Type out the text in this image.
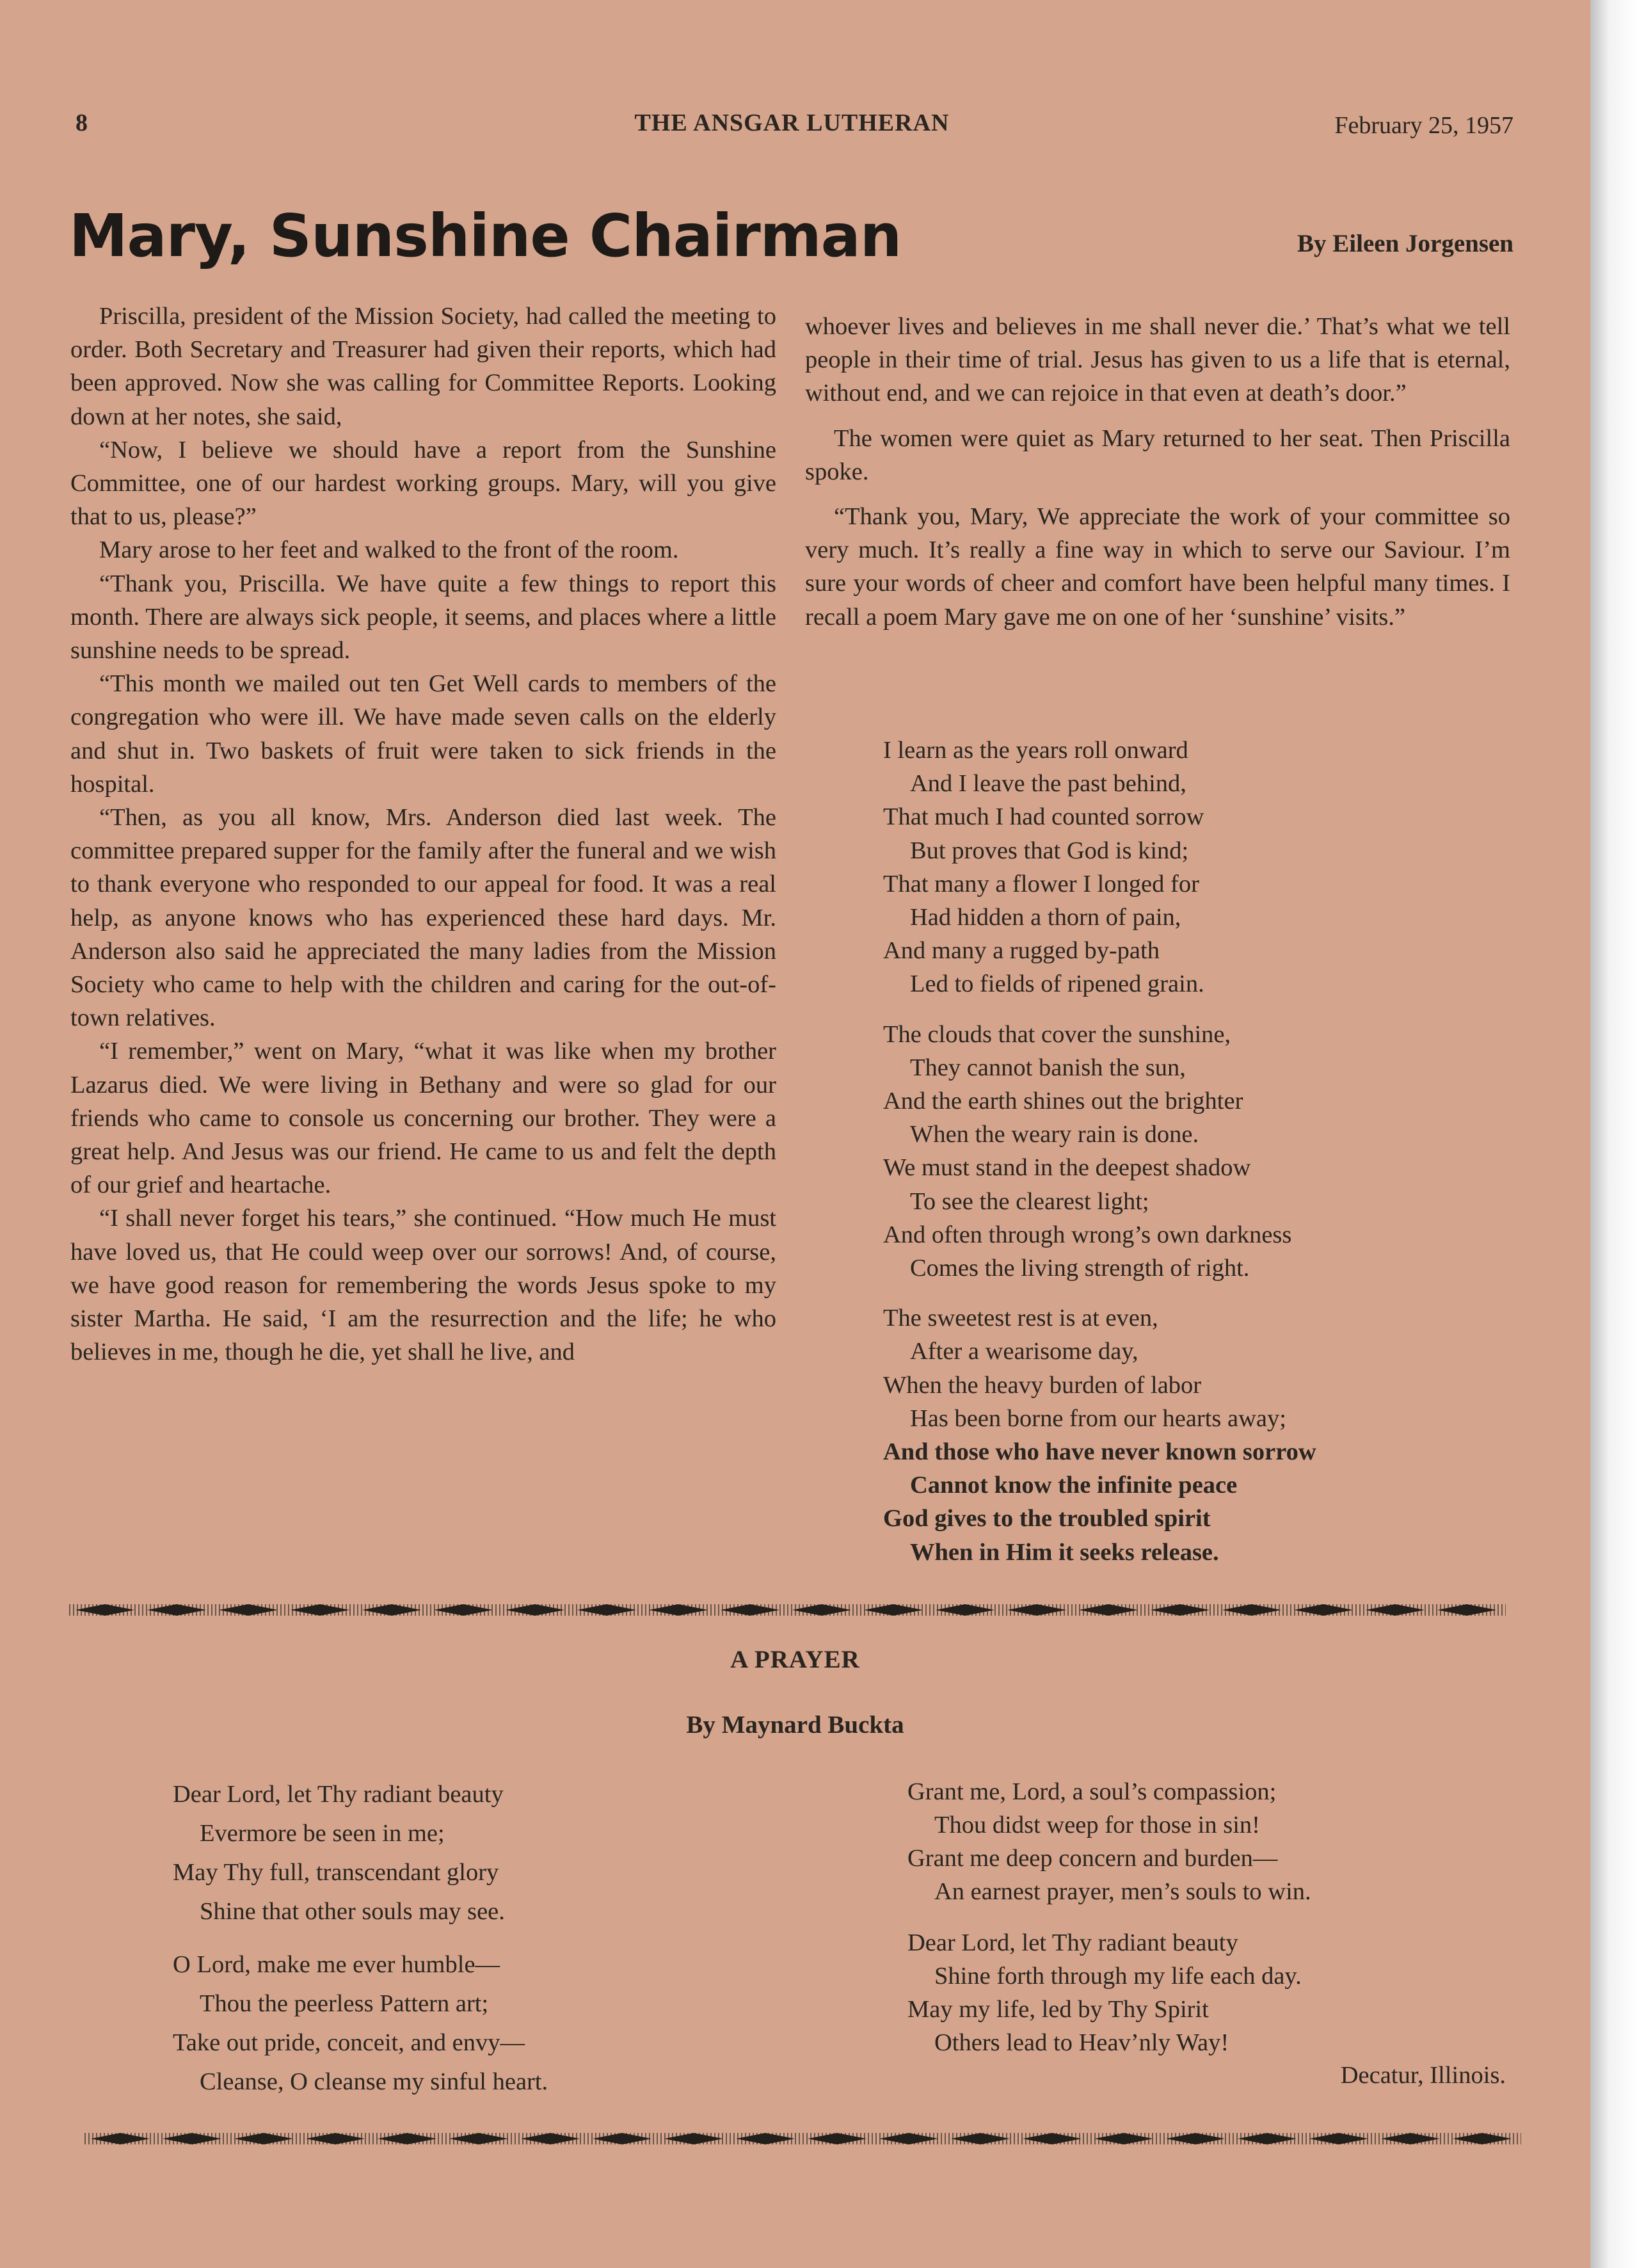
8	THE ANSGAR LUTHERAN	February 25, 1957
Mary, Sunshine Chairman	By Eileen Jorgensen

Priscilla, president of the Mission Society, had called the meeting to order. Both Secretary and Treasurer had given their reports, which had been approved. Now she was calling for Committee Reports. Looking down at her notes, she said,

“Now, I believe we should have a report from the Sunshine Committee, one of our hardest working groups. Mary, will you give that to us, please?”

Mary arose to her feet and walked to the front of the room.

“Thank you, Priscilla. We have quite a few things to report this month. There are always sick people, it seems, and places where a little sunshine needs to be spread.

“This month we mailed out ten Get Well cards to members of the congregation who were ill. We have made seven calls on the elderly and shut in. Two baskets of fruit were taken to sick friends in the hospital.

“Then, as you all know, Mrs. Anderson died last week. The committee prepared supper for the family after the funeral and we wish to thank everyone who responded to our appeal for food. It was a real help, as anyone knows who has experienced these hard days. Mr. Anderson also said he appreciated the many ladies from the Mission Society who came to help with the children and caring for the out-of-town relatives.

“I remember,” went on Mary, “what it was like when my brother Lazarus died. We were living in Bethany and were so glad for our friends who came to console us concerning our brother. They were a great help. And Jesus was our friend. He came to us and felt the depth of our grief and heartache.

“I shall never forget his tears,” she continued. “How much He must have loved us, that He could weep over our sorrows! And, of course, we have good reason for remembering the words Jesus spoke to my sister Martha. He said, ‘I am the resurrection and the life; he who believes in me, though he die, yet shall he live, and

whoever lives and believes in me shall never die.’ That’s what we tell people in their time of trial. Jesus has given to us a life that is eternal, without end, and we can rejoice in that even at death’s door.”

The women were quiet as Mary returned to her seat. Then Priscilla spoke.

“Thank you, Mary, We appreciate the work of your committee so very much. It’s really a fine way in which to serve our Saviour. I’m sure your words of cheer and comfort have been helpful many times. I recall a poem Mary gave me on one of her ‘sunshine’ visits.”

I learn as the years roll onward
And I leave the past behind,
That much I had counted sorrow
But proves that God is kind;
That many a flower I longed for
Had hidden a thorn of pain,
And many a rugged by-path
Led to fields of ripened grain.
The clouds that cover the sunshine,
They cannot banish the sun,
And the earth shines out the brighter
When the weary rain is done.
We must stand in the deepest shadow
To see the clearest light;
And often through wrong’s own darkness
Comes the living strength of right.
The sweetest rest is at even,
After a wearisome day,
When the heavy burden of labor
Has been borne from our hearts away;
And those who have never known sorrow
Cannot know the infinite peace
God gives to the troubled spirit
When in Him it seeks release.
A PRAYER
By Maynard Buckta
Dear Lord, let Thy radiant beauty
Evermore be seen in me;
May Thy full, transcendant glory
Shine that other souls may see.
O Lord, make me ever humble—
Thou the peerless Pattern art;
Take out pride, conceit, and envy—
Cleanse, O cleanse my sinful heart.
Grant me, Lord, a soul’s compassion;
Thou didst weep for those in sin!
Grant me deep concern and burden—
An earnest prayer, men’s souls to win.
Dear Lord, let Thy radiant beauty
Shine forth through my life each day.
May my life, led by Thy Spirit
Others lead to Heav’nly Way!
Decatur, Illinois.
